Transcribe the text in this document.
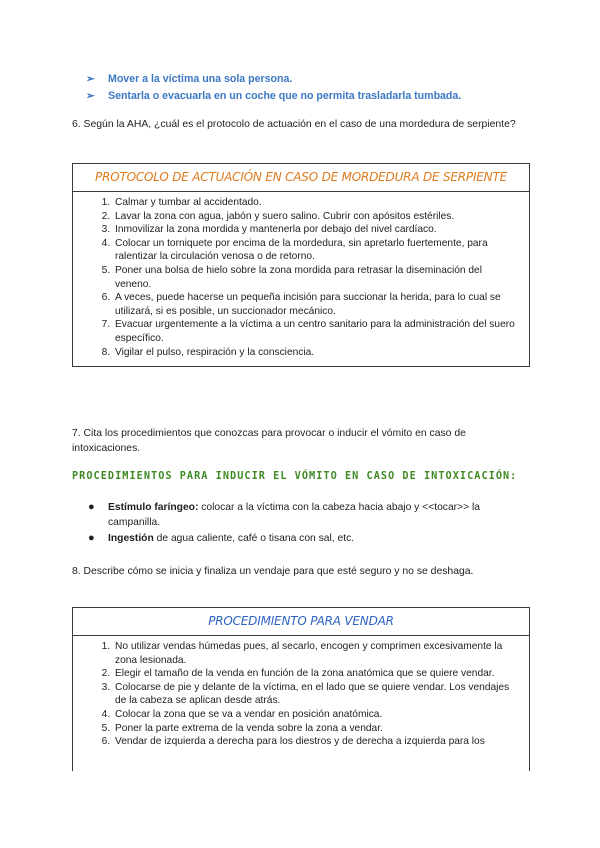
➢ Mover a la víctima una sola persona.
➢ Sentarla o evacuarla en un coche que no permita trasladarla tumbada.
6. Según la AHA, ¿cuál es el protocolo de actuación en el caso de una mordedura de serpiente?
PROTOCOLO DE ACTUACIÓN EN CASO DE MORDEDURA DE SERPIENTE
1. Calmar y tumbar al accidentado.
2. Lavar la zona con agua, jabón y suero salino. Cubrir con apósitos estériles.
3. Inmovilizar la zona mordida y mantenerla por debajo del nivel cardíaco.
4. Colocar un torniquete por encima de la mordedura, sin apretarlo fuertemente, para ralentizar la circulación venosa o de retorno.
5. Poner una bolsa de hielo sobre la zona mordida para retrasar la diseminación del veneno.
6. A veces, puede hacerse un pequeña incisión para succionar la herida, para lo cual se utilizará, si es posible, un succionador mecánico.
7. Evacuar urgentemente a la víctima a un centro sanitario para la administración del suero específico.
8. Vigilar el pulso, respiración y la consciencia.
7. Cita los procedimientos que conozcas para provocar o inducir el vómito en caso de intoxicaciones.
PROCEDIMIENTOS PARA INDUCIR EL VÓMITO EN CASO DE INTOXICACIÓN:
● Estímulo faríngeo: colocar a la víctima con la cabeza hacia abajo y <<tocar>> la campanilla.
● Ingestión de agua caliente, café o tisana con sal, etc.
8. Describe cómo se inicia y finaliza un vendaje para que esté seguro y no se deshaga.
PROCEDIMIENTO PARA VENDAR
1. No utilizar vendas húmedas pues, al secarlo, encogen y comprimen excesivamente la zona lesionada.
2. Elegir el tamaño de la venda en función de la zona anatómica que se quiere vendar.
3. Colocarse de pie y delante de la víctima, en el lado que se quiere vendar. Los vendajes de la cabeza se aplican desde atrás.
4. Colocar la zona que se va a vendar en posición anatómica.
5. Poner la parte extrema de la venda sobre la zona a vendar.
6. Vendar de izquierda a derecha para los diestros y de derecha a izquierda para los
